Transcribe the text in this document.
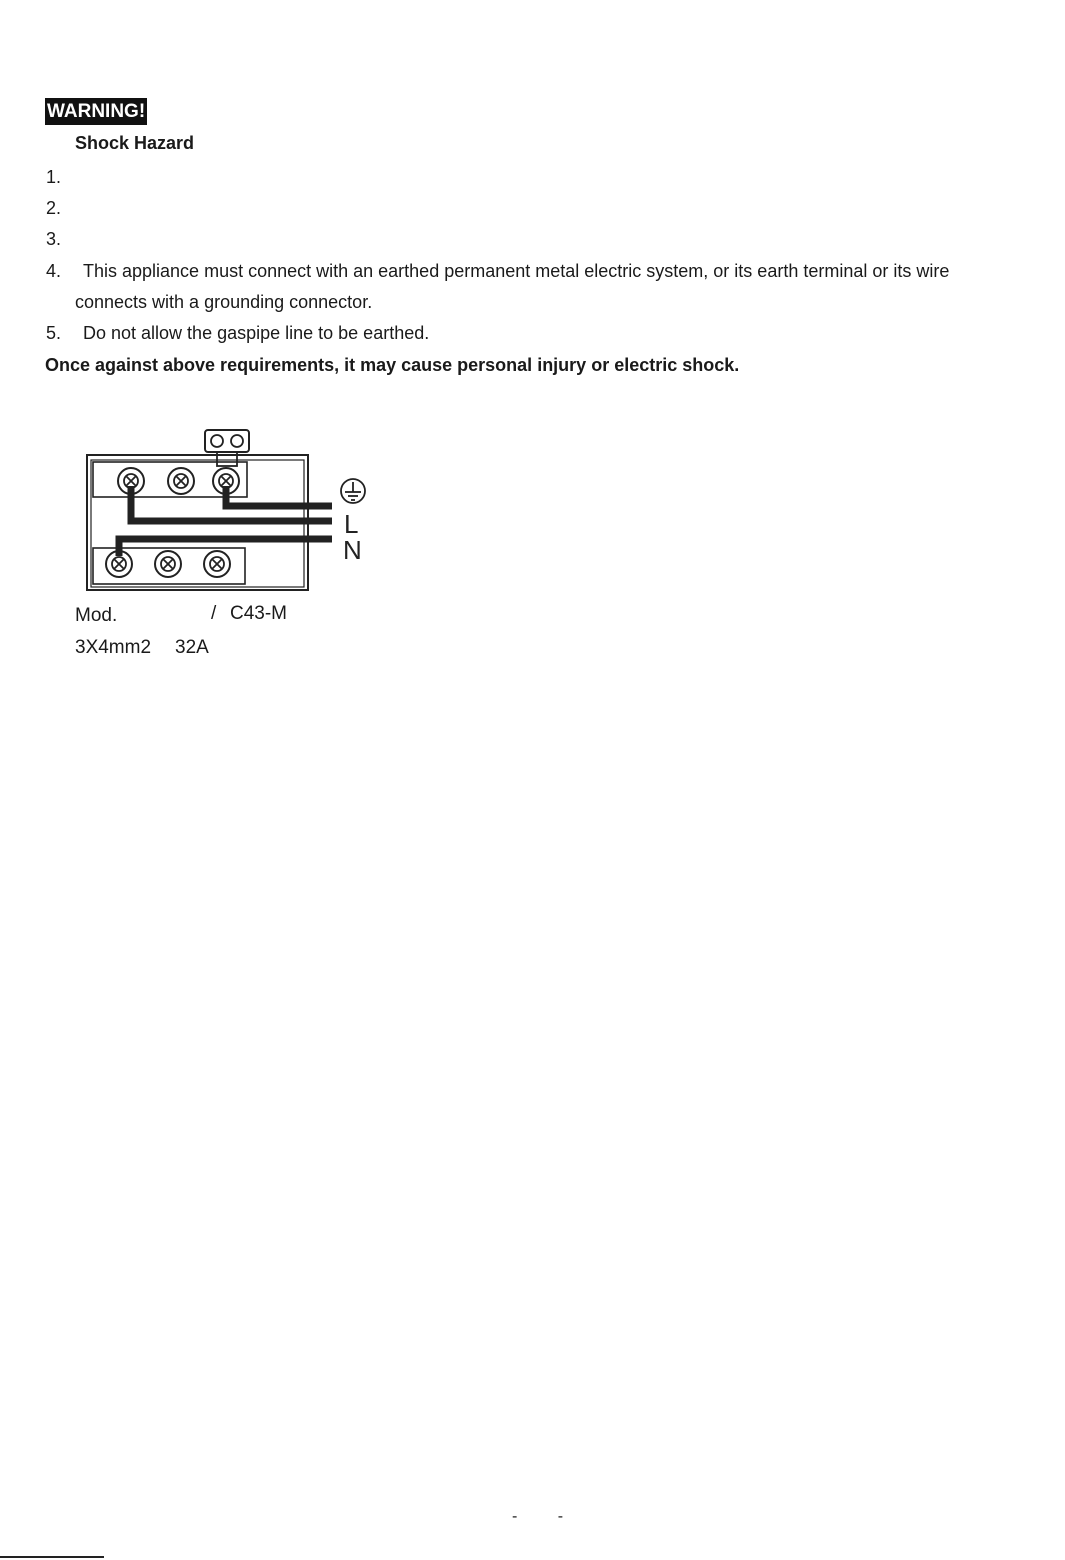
WARNING!
Shock Hazard
1.
2.
3.
4. This appliance must connect with an earthed permanent metal electric system, or its earth terminal or its wire
connects with a grounding connector.
5. Do not allow the gaspipe line to be earthed.
Once against above requirements, it may cause personal injury or electric shock.
L
N
Mod.	/ C43-M
3X4mm2 32A
- -
